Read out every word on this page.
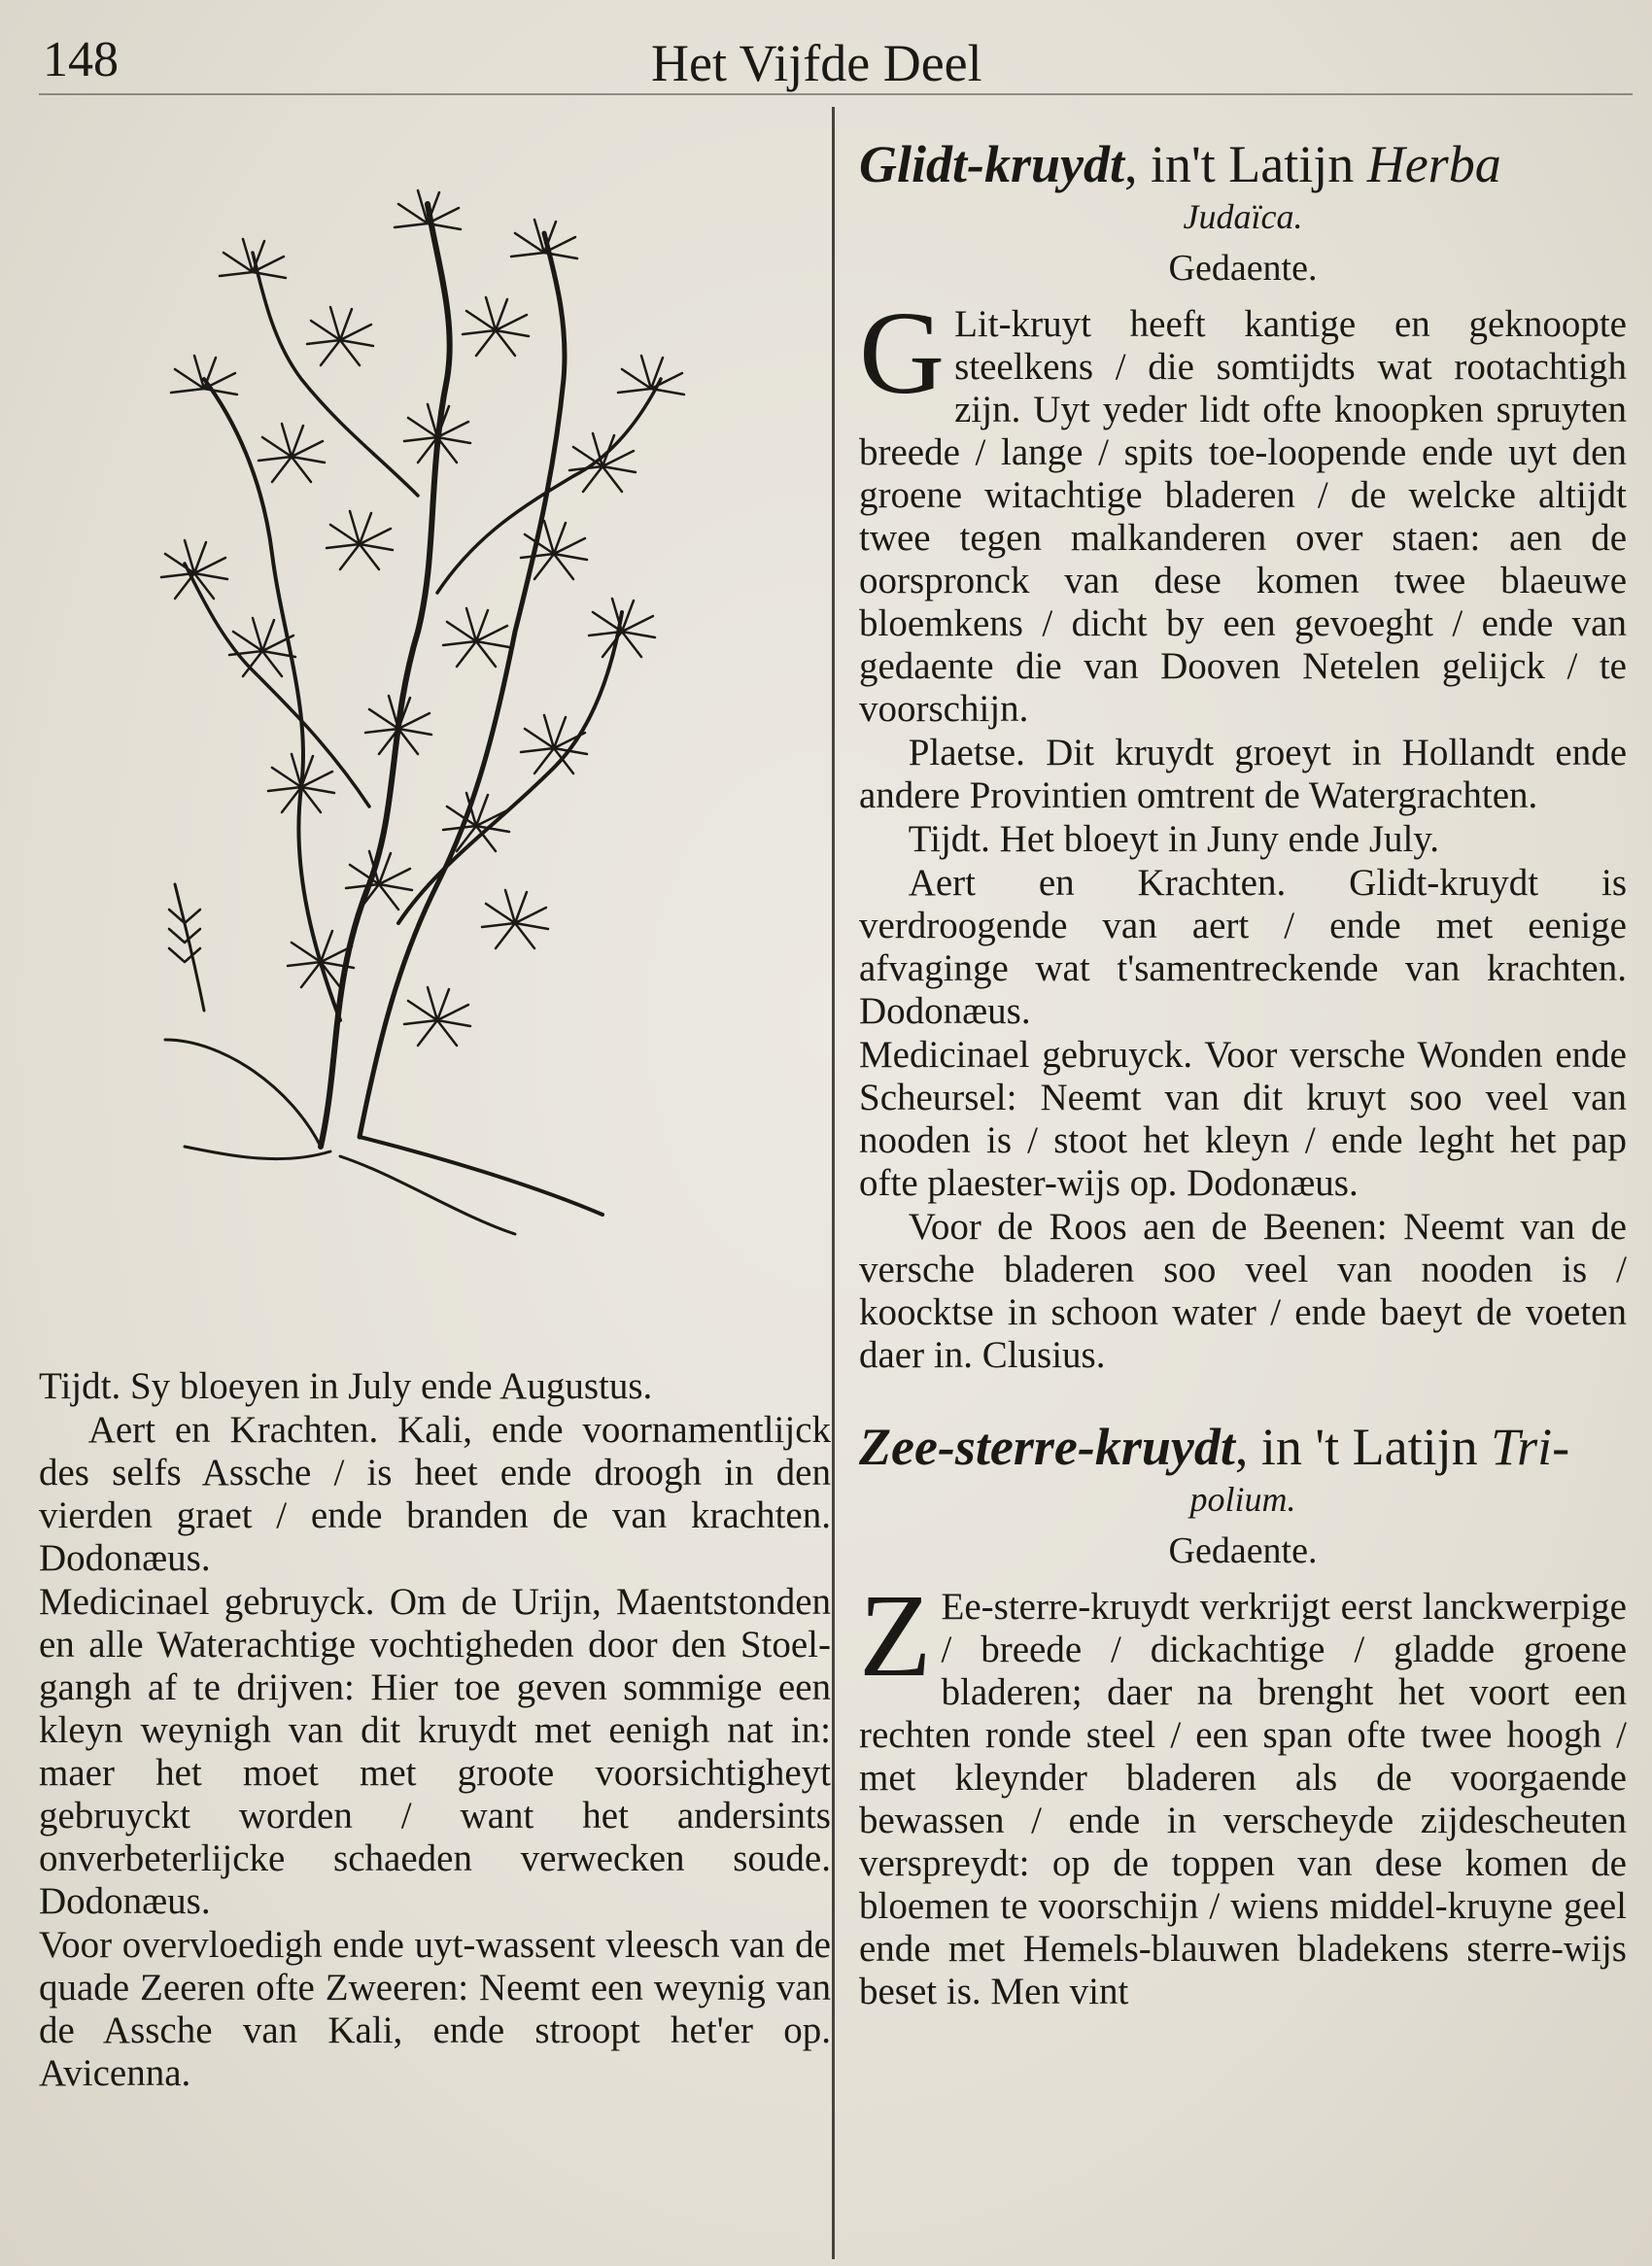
148	Het Vijfde Deel

Tijdt. Sy bloeyen in July ende Augustus.

Aert en Krachten. Kali, ende voornamentlijck des selfs Assche / is heet ende droogh in den vierden graet / ende branden de van krachten. Dodonæus.

Medicinael gebruyck. Om de Urijn, Maentstonden en alle Waterachtige vochtigheden door den Stoel-gangh af te drijven: Hier toe geven sommige een kleyn weynigh van dit kruydt met eenigh nat in: maer het moet met groote voorsichtigheyt gebruyckt worden / want het andersints onverbeterlijcke schaeden verwecken soude. Dodonæus.

Voor overvloedigh ende uyt-wassent vleesch van de quade Zeeren ofte Zweeren: Neemt een weynig van de Assche van Kali, ende stroopt het'er op. Avicenna.

Glidt-kruydt, in't Latijn Herba

Judaïca.
Gedaente.

G Lit-kruyt heeft kantige en geknoopte steelkens / die somtijdts wat rootachtigh zijn. Uyt yeder lidt ofte knoopken spruyten breede / lange / spits toe-loopende ende uyt den groene witachtige bladeren / de welcke altijdt twee tegen malkanderen over staen: aen de oorspronck van dese komen twee blaeuwe bloemkens / dicht by een gevoeght / ende van gedaente die van Dooven Netelen gelijck / te voorschijn.

Plaetse. Dit kruydt groeyt in Hollandt ende andere Provintien omtrent de Watergrachten.

Tijdt. Het bloeyt in Juny ende July.

Aert en Krachten. Glidt-kruydt is verdroogende van aert / ende met eenige afvaginge wat t'samentreckende van krachten. Dodonæus.

Medicinael gebruyck. Voor versche Wonden ende Scheursel: Neemt van dit kruyt soo veel van nooden is / stoot het kleyn / ende leght het pap ofte plaester-wijs op. Dodonæus.

Voor de Roos aen de Beenen: Neemt van de versche bladeren soo veel van nooden is / koocktse in schoon water / ende baeyt de voeten daer in. Clusius.

Zee-sterre-kruydt, in 't Latijn Tri-

polium.
Gedaente.

Z Ee-sterre-kruydt verkrijgt eerst lanckwerpige / breede / dickachtige / gladde groene bladeren; daer na brenght het voort een rechten ronde steel / een span ofte twee hoogh / met kleynder bladeren als de voorgaende bewassen / ende in verscheyde zijdescheuten verspreydt: op de toppen van dese komen de bloemen te voorschijn / wiens middel-kruyne geel ende met Hemels-blauwen bladekens sterre-wijs beset is. Men vint
